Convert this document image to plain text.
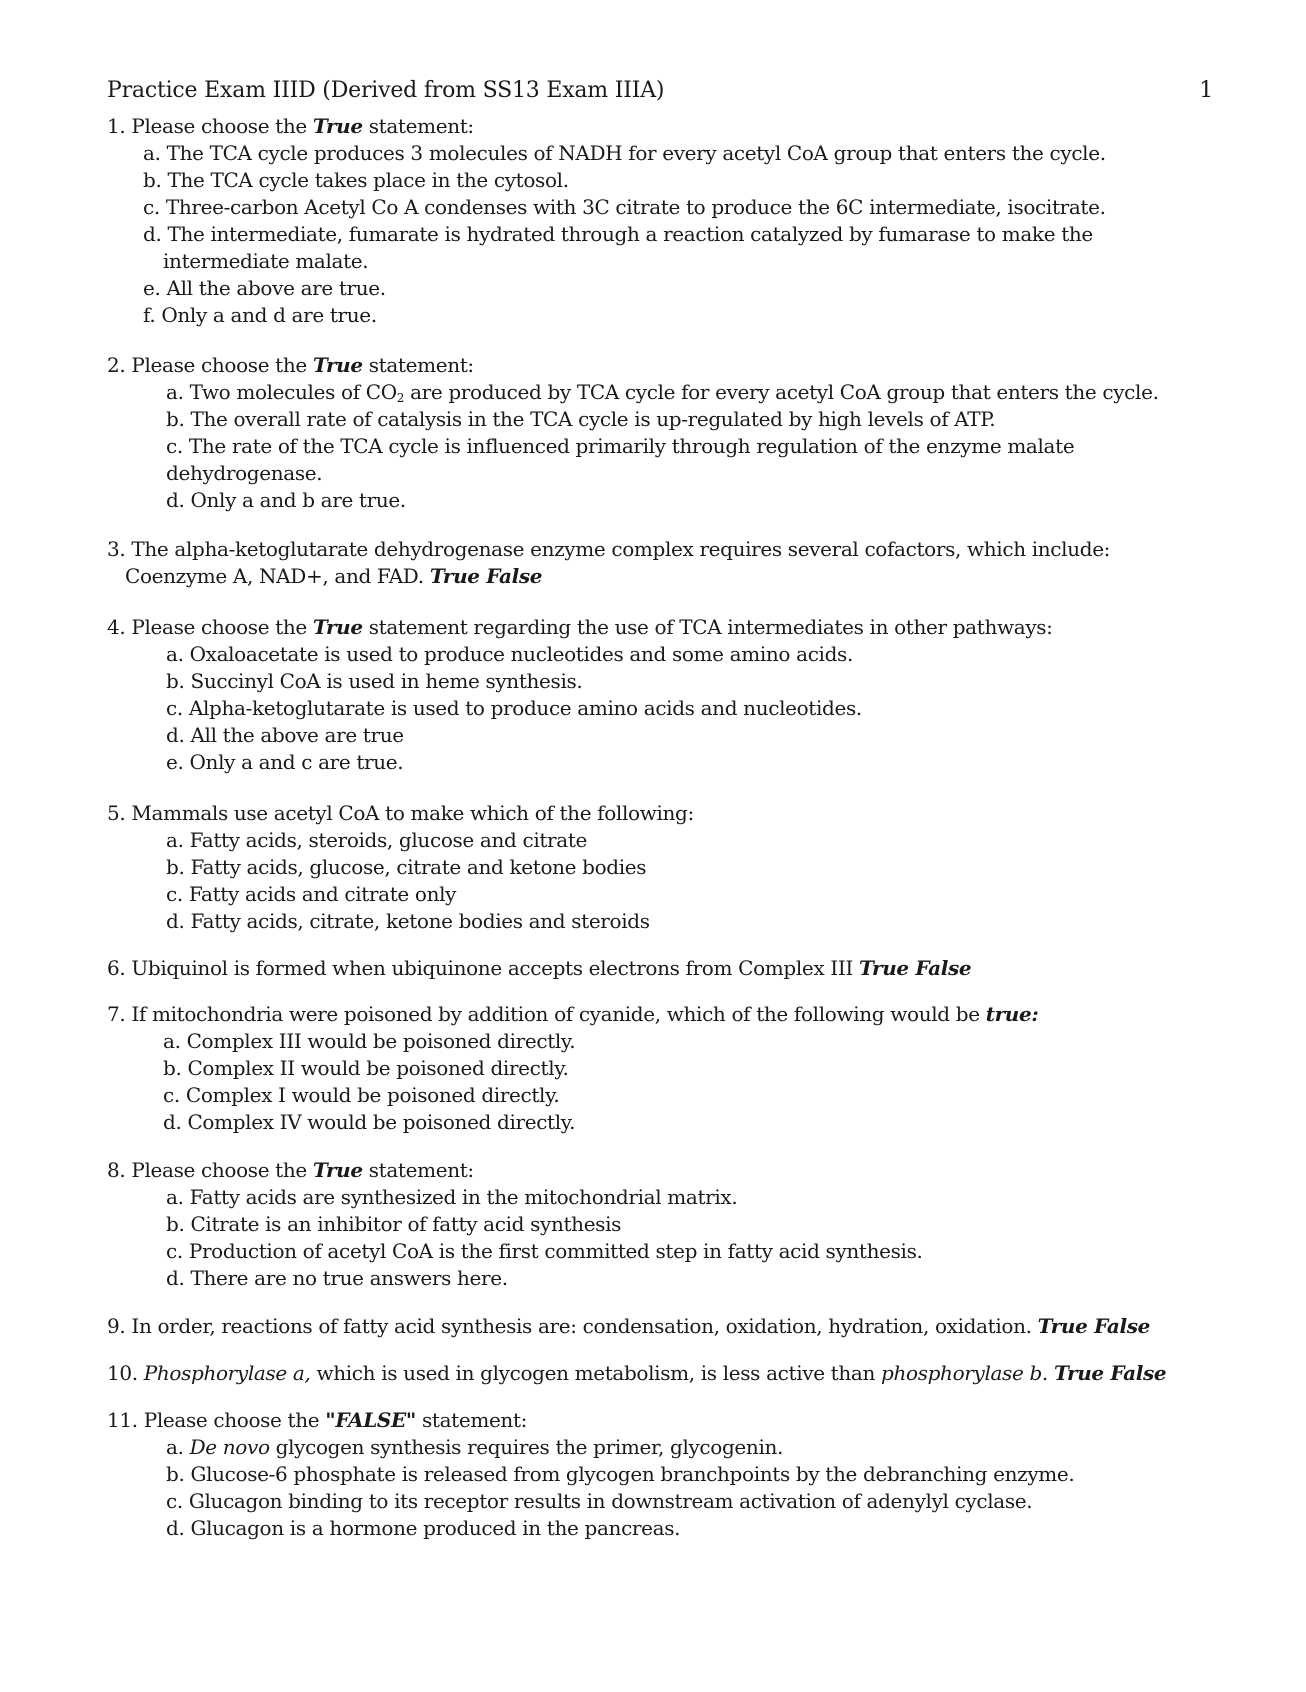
Practice Exam IIID (Derived from SS13 Exam IIIA)	1
1. Please choose the True statement:
a. The TCA cycle produces 3 molecules of NADH for every acetyl CoA group that enters the cycle.
b. The TCA cycle takes place in the cytosol.
c. Three-carbon Acetyl Co A condenses with 3C citrate to produce the 6C intermediate, isocitrate.
d. The intermediate, fumarate is hydrated through a reaction catalyzed by fumarase to make the
intermediate malate.
e. All the above are true.
f. Only a and d are true.
2. Please choose the True statement:
a. Two molecules of $CO_2$ are produced by TCA cycle for every acetyl CoA group that enters the cycle.
b. The overall rate of catalysis in the TCA cycle is up-regulated by high levels of ATP.
c. The rate of the TCA cycle is influenced primarily through regulation of the enzyme malate
dehydrogenase.
d. Only a and b are true.
3. The alpha-ketoglutarate dehydrogenase enzyme complex requires several cofactors, which include:
Coenzyme A, NAD+, and FAD. True False
4. Please choose the True statement regarding the use of TCA intermediates in other pathways:
a. Oxaloacetate is used to produce nucleotides and some amino acids.
b. Succinyl CoA is used in heme synthesis.
c. Alpha-ketoglutarate is used to produce amino acids and nucleotides.
d. All the above are true
e. Only a and c are true.
5. Mammals use acetyl CoA to make which of the following:
a. Fatty acids, steroids, glucose and citrate
b. Fatty acids, glucose, citrate and ketone bodies
c. Fatty acids and citrate only
d. Fatty acids, citrate, ketone bodies and steroids
6. Ubiquinol is formed when ubiquinone accepts electrons from Complex III True False
7. If mitochondria were poisoned by addition of cyanide, which of the following would be true:
a. Complex III would be poisoned directly.
b. Complex II would be poisoned directly.
c. Complex I would be poisoned directly.
d. Complex IV would be poisoned directly.
8. Please choose the True statement:
a. Fatty acids are synthesized in the mitochondrial matrix.
b. Citrate is an inhibitor of fatty acid synthesis
c. Production of acetyl CoA is the first committed step in fatty acid synthesis.
d. There are no true answers here.
9. In order, reactions of fatty acid synthesis are: condensation, oxidation, hydration, oxidation. True False
10. Phosphorylase a, which is used in glycogen metabolism, is less active than phosphorylase b. True False
11. Please choose the "FALSE" statement:
a. De novo glycogen synthesis requires the primer, glycogenin.
b. Glucose-6 phosphate is released from glycogen branchpoints by the debranching enzyme.
c. Glucagon binding to its receptor results in downstream activation of adenylyl cyclase.
d. Glucagon is a hormone produced in the pancreas.
